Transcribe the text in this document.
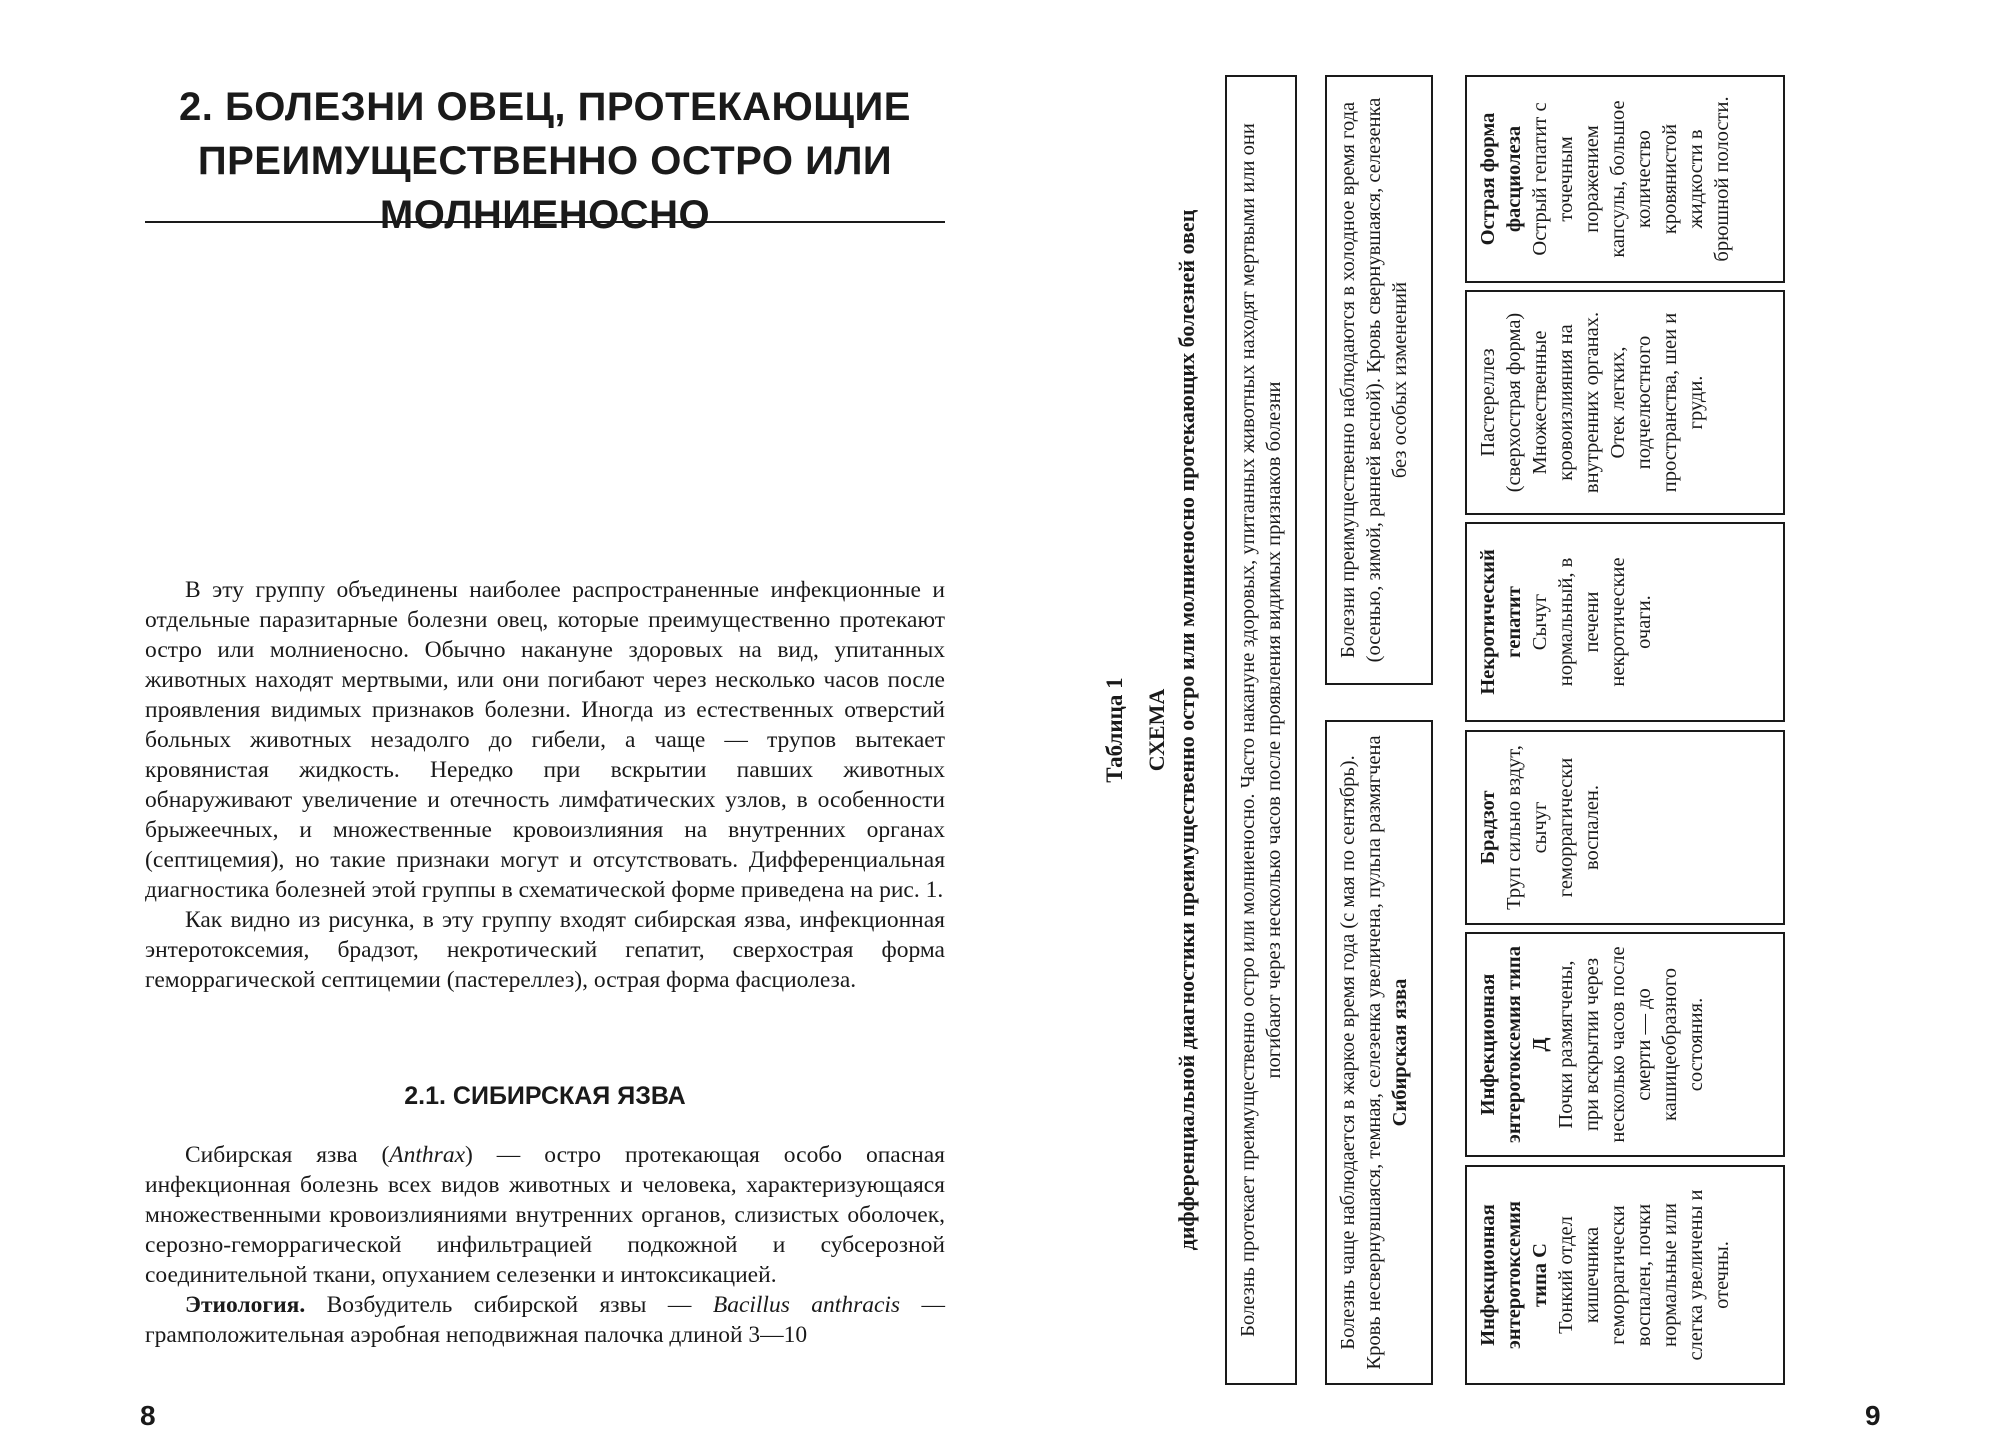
2. БОЛЕЗНИ ОВЕЦ, ПРОТЕКАЮЩИЕ ПРЕИМУЩЕСТВЕННО ОСТРО ИЛИ МОЛНИЕНОСНО

В эту группу объединены наиболее распространенные инфекционные и отдельные паразитарные болезни овец, которые преимущественно протекают остро или молниеносно. Обычно накануне здоровых на вид, упитанных животных находят мертвыми, или они погибают через несколько часов после проявления видимых признаков болезни. Иногда из естественных отверстий больных животных незадолго до гибели, а чаще — трупов вытекает кровянистая жидкость. Нередко при вскрытии павших животных обнаруживают увеличение и отечность лимфатических узлов, в особенности брыжеечных, и множественные кровоизлияния на внутренних органах (септицемия), но такие признаки могут и отсутствовать. Дифференциальная диагностика болезней этой группы в схематической форме приведена на рис. 1.

Как видно из рисунка, в эту группу входят сибирская язва, инфекционная энтеротоксемия, брадзот, некротический гепатит, сверхострая форма геморрагической септицемии (пастереллез), острая форма фасциолеза.

2.1. СИБИРСКАЯ ЯЗВА

Сибирская язва (Anthrax) — остро протекающая особо опасная инфекционная болезнь всех видов животных и человека, характеризующаяся множественными кровоизлияниями внутренних органов, слизистых оболочек, серозно-геморрагической инфильтрацией подкожной и субсерозной соединительной ткани, опуханием селезенки и интоксикацией.

Этиология. Возбудитель сибирской язвы — Bacillus anthracis — грамположительная аэробная неподвижная палочка длиной 3—10

8
Таблица 1 СХЕМА дифференциальной диагностики преимущественно остро или молниеносно протекающих болезней овец	Болезнь протекает преимущественно остро или молниеносно. Часто накануне здоровых, упитанных животных находят мертвыми или они погибают через несколько часов после проявления видимых признаков болезни	Болезнь чаще наблюдается в жаркое время года (с мая по сентябрь). Кровь несвернувшаяся, темная, селезенка увеличена, пульпа размягчена Сибирская язва
Болезни преимущественно наблюдаются в холодное время года (осенью, зимой, ранней весной). Кровь свернувшаяся, селезенка без особых изменений
Инфекционная энтеротоксемия типа С Тонкий отдел кишечника геморрагически воспален, почки нормальные или слегка увеличены и отечны.
Инфекционная энтеротоксемия типа Д Почки размягчены, при вскрытии через несколько часов после смерти — до кашицеобразного состояния.
Брадзот Труп сильно вздут, сычуг геморрагически воспален.
Некротический гепатит Сычуг нормальный, в печени некротические очаги.
Пастереллез (сверхострая форма) Множественные кровоизлияния на внутренних органах. Отек легких, подчелюстного пространства, шеи и груди.
Острая форма фасциолеза Острый гепатит с точечным поражением капсулы, большое количество кровянистой жидкости в брюшной полости.
9
